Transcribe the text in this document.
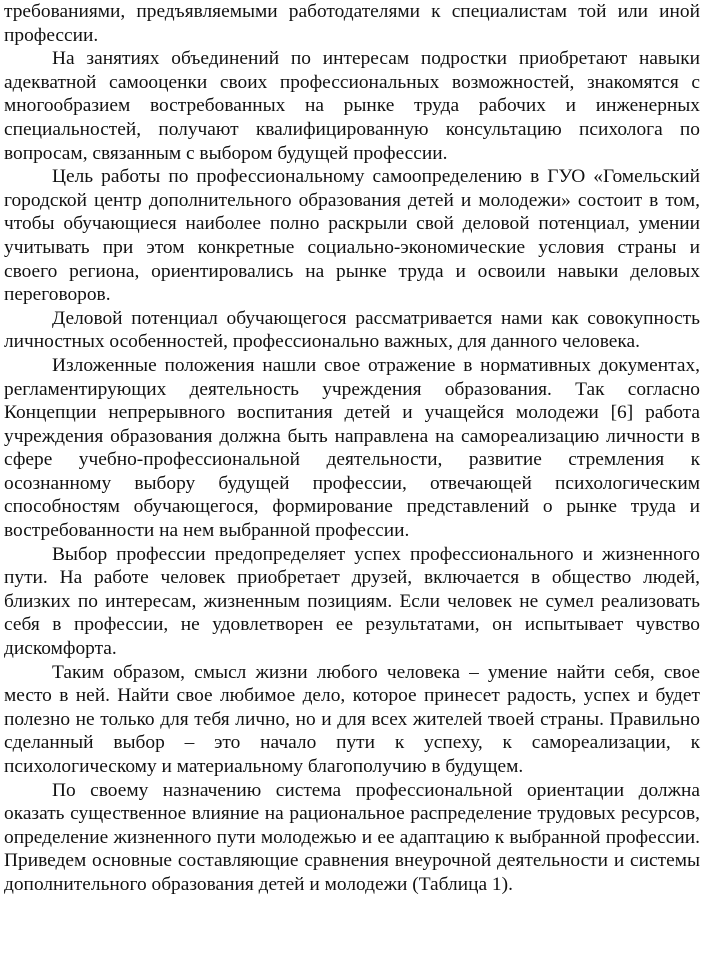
требованиями, предъявляемыми работодателями к специалистам той или иной профессии.

На занятиях объединений по интересам подростки приобретают навыки адекватной самооценки своих профессиональных возможностей, знакомятся с многообразием востребованных на рынке труда рабочих и инженерных специальностей, получают квалифицированную консультацию психолога по вопросам, связанным с выбором будущей профессии.

Цель работы по профессиональному самоопределению в ГУО «Гомельский городской центр дополнительного образования детей и молодежи» состоит в том, чтобы обучающиеся наиболее полно раскрыли свой деловой потенциал, умении учитывать при этом конкретные социально-экономические условия страны и своего региона, ориентировались на рынке труда и освоили навыки деловых переговоров.

Деловой потенциал обучающегося рассматривается нами как совокупность личностных особенностей, профессионально важных, для данного человека.

Изложенные положения нашли свое отражение в нормативных документах, регламентирующих деятельность учреждения образования. Так согласно Концепции непрерывного воспитания детей и учащейся молодежи [6] работа учреждения образования должна быть направлена на самореализацию личности в сфере учебно-профессиональной деятельности, развитие стремления к осознанному выбору будущей профессии, отвечающей психологическим способностям обучающегося, формирование представлений о рынке труда и востребованности на нем выбранной профессии.

Выбор профессии предопределяет успех профессионального и жизненного пути. На работе человек приобретает друзей, включается в общество людей, близких по интересам, жизненным позициям. Если человек не сумел реализовать себя в профессии, не удовлетворен ее результатами, он испытывает чувство дискомфорта.

Таким образом, смысл жизни любого человека – умение найти себя, свое место в ней. Найти свое любимое дело, которое принесет радость, успех и будет полезно не только для тебя лично, но и для всех жителей твоей страны. Правильно сделанный выбор – это начало пути к успеху, к самореализации, к психологическому и материальному благополучию в будущем.

По своему назначению система профессиональной ориентации должна оказать существенное влияние на рациональное распределение трудовых ресурсов, определение жизненного пути молодежью и ее адаптацию к выбранной профессии. Приведем основные составляющие сравнения внеурочной деятельности и системы дополнительного образования детей и молодежи (Таблица 1).
